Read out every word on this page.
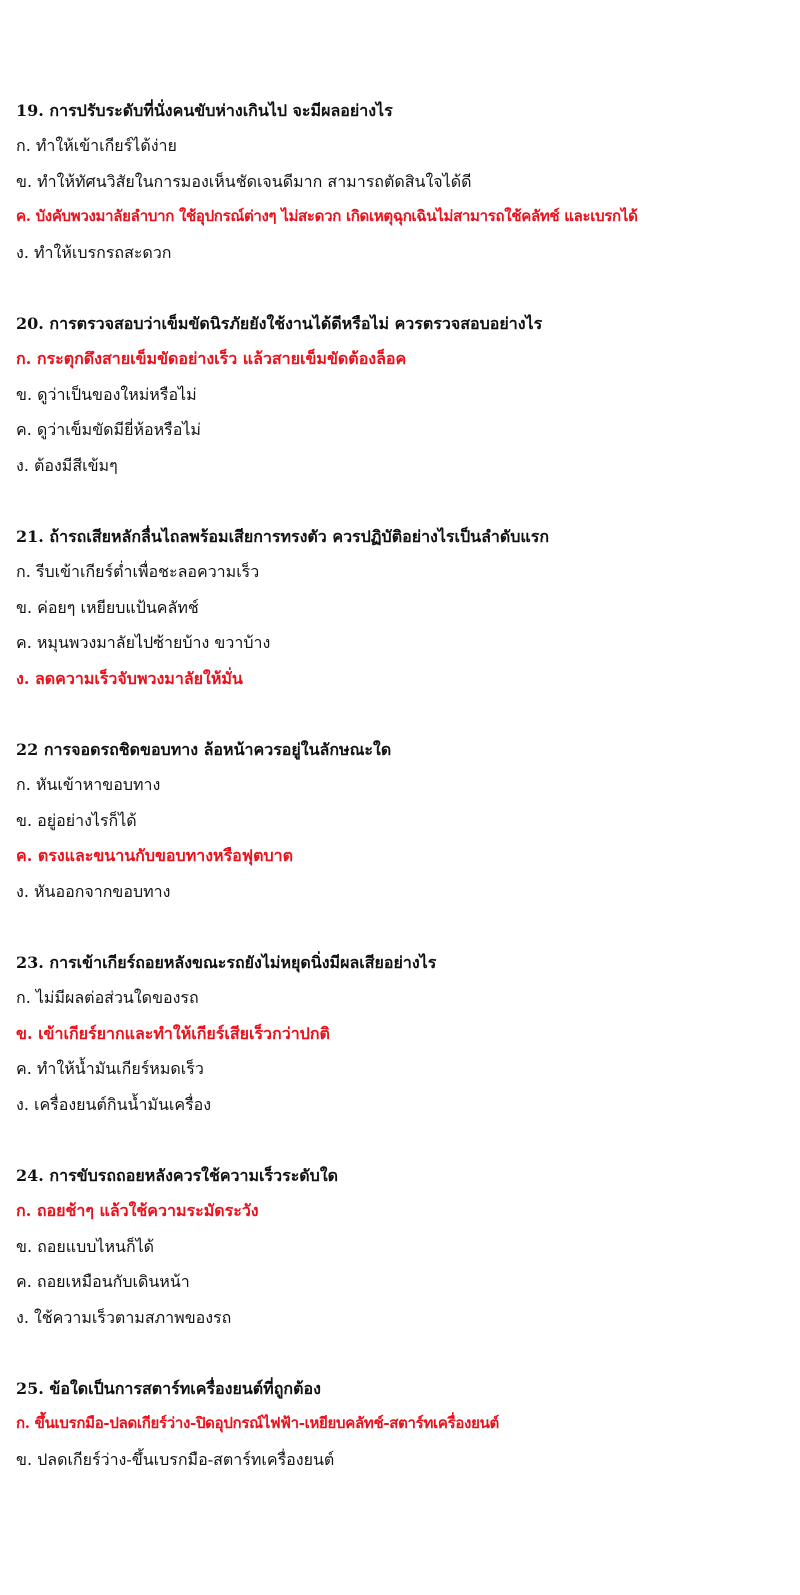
19. การปรับระดับที่นั่งคนขับห่างเกินไป จะมีผลอย่างไร
ก. ทำให้เข้าเกียร์ได้ง่าย
ข. ทำให้ทัศนวิสัยในการมองเห็นชัดเจนดีมาก สามารถตัดสินใจได้ดี
ค. บังคับพวงมาลัยลำบาก ใช้อุปกรณ์ต่างๆ ไม่สะดวก เกิดเหตุฉุกเฉินไม่สามารถใช้คลัทช์ และเบรกได้
ง. ทำให้เบรกรถสะดวก
20. การตรวจสอบว่าเข็มขัดนิรภัยยังใช้งานได้ดีหรือไม่ ควรตรวจสอบอย่างไร
ก. กระตุกดึงสายเข็มขัดอย่างเร็ว แล้วสายเข็มขัดต้องล็อค
ข. ดูว่าเป็นของใหม่หรือไม่
ค. ดูว่าเข็มขัดมียี่ห้อหรือไม่
ง. ต้องมีสีเข้มๆ
21. ถ้ารถเสียหลักลื่นไถลพร้อมเสียการทรงตัว ควรปฏิบัติอย่างไรเป็นลำดับแรก
ก. รีบเข้าเกียร์ต่ำเพื่อชะลอความเร็ว
ข. ค่อยๆ เหยียบแป้นคลัทช์
ค. หมุนพวงมาลัยไปซ้ายบ้าง ขวาบ้าง
ง. ลดความเร็วจับพวงมาลัยให้มั่น
22 การจอดรถชิดขอบทาง ล้อหน้าควรอยู่ในลักษณะใด
ก. หันเข้าหาขอบทาง
ข. อยู่อย่างไรก็ได้
ค. ตรงและขนานกับขอบทางหรือฟุตบาต
ง. หันออกจากขอบทาง
23. การเข้าเกียร์ถอยหลังขณะรถยังไม่หยุดนิ่งมีผลเสียอย่างไร
ก. ไม่มีผลต่อส่วนใดของรถ
ข. เข้าเกียร์ยากและทำให้เกียร์เสียเร็วกว่าปกติ
ค. ทำให้น้ำมันเกียร์หมดเร็ว
ง. เครื่องยนต์กินน้ำมันเครื่อง
24. การขับรถถอยหลังควรใช้ความเร็วระดับใด
ก. ถอยช้าๆ แล้วใช้ความระมัดระวัง
ข. ถอยแบบไหนก็ได้
ค. ถอยเหมือนกับเดินหน้า
ง. ใช้ความเร็วตามสภาพของรถ
25. ข้อใดเป็นการสตาร์ทเครื่องยนต์ที่ถูกต้อง
ก. ขึ้นเบรกมือ-ปลดเกียร์ว่าง-ปิดอุปกรณ์ไฟฟ้า-เหยียบคลัทช์-สตาร์ทเครื่องยนต์
ข. ปลดเกียร์ว่าง-ขึ้นเบรกมือ-สตาร์ทเครื่องยนต์
